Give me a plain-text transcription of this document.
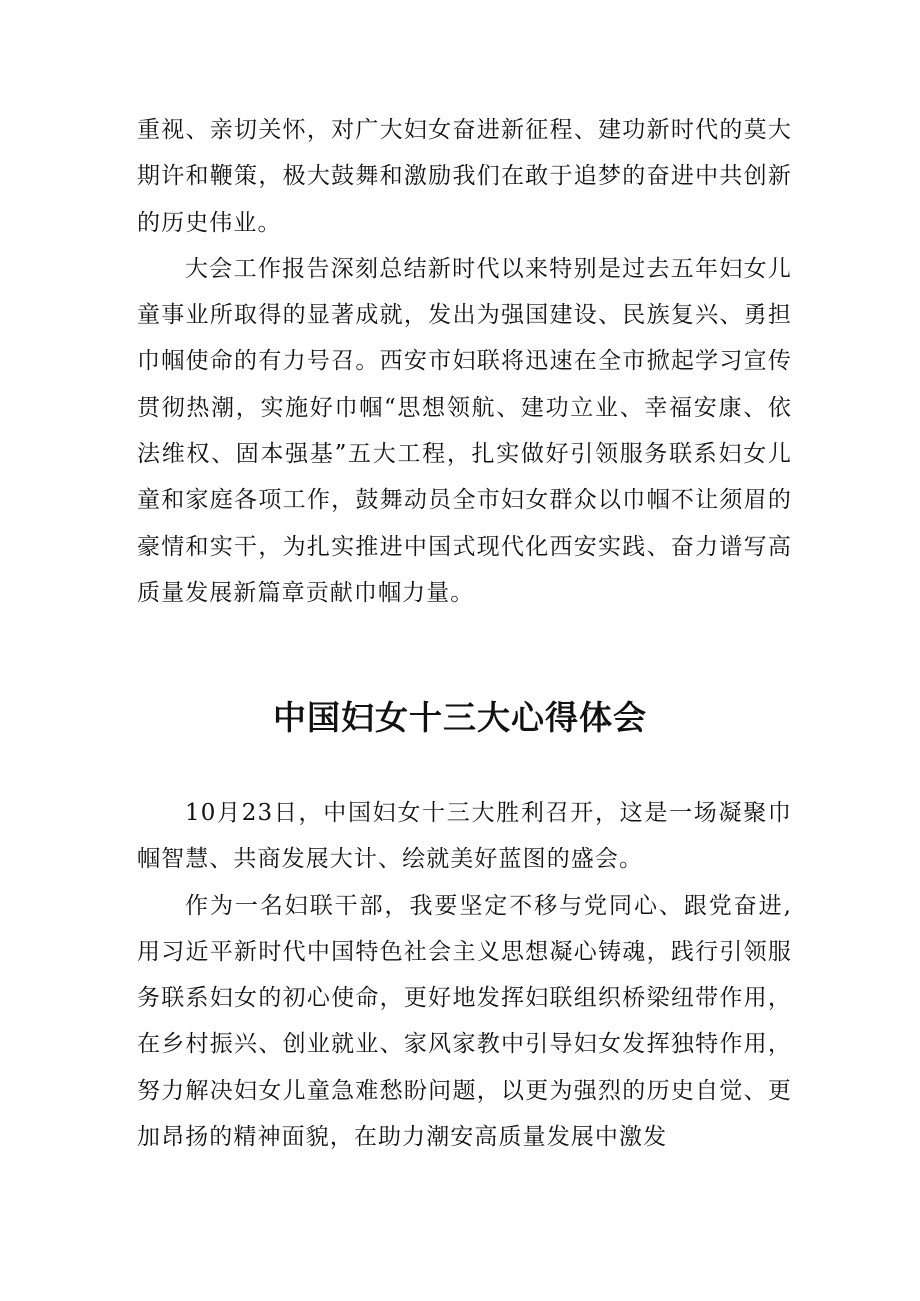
重视、亲切关怀，对广大妇女奋进新征程、建功新时代的莫大期许和鞭策，极大鼓舞和激励我们在敢于追梦的奋进中共创新的历史伟业。

大会工作报告深刻总结新时代以来特别是过去五年妇女儿童事业所取得的显著成就，发出为强国建设、民族复兴、勇担巾帼使命的有力号召。西安市妇联将迅速在全市掀起学习宣传贯彻热潮，实施好巾帼“思想领航、建功立业、幸福安康、依法维权、固本强基”五大工程，扎实做好引领服务联系妇女儿童和家庭各项工作，鼓舞动员全市妇女群众以巾帼不让须眉的豪情和实干，为扎实推进中国式现代化西安实践、奋力谱写高质量发展新篇章贡献巾帼力量。

中国妇女十三大心得体会

10月23日，中国妇女十三大胜利召开，这是一场凝聚巾帼智慧、共商发展大计、绘就美好蓝图的盛会。

作为一名妇联干部，我要坚定不移与党同心、跟党奋进,用习近平新时代中国特色社会主义思想凝心铸魂，践行引领服务联系妇女的初心使命，更好地发挥妇联组织桥梁纽带作用，在乡村振兴、创业就业、家风家教中引导妇女发挥独特作用，努力解决妇女儿童急难愁盼问题，以更为强烈的历史自觉、更加昂扬的精神面貌，在助力潮安高质量发展中激发
